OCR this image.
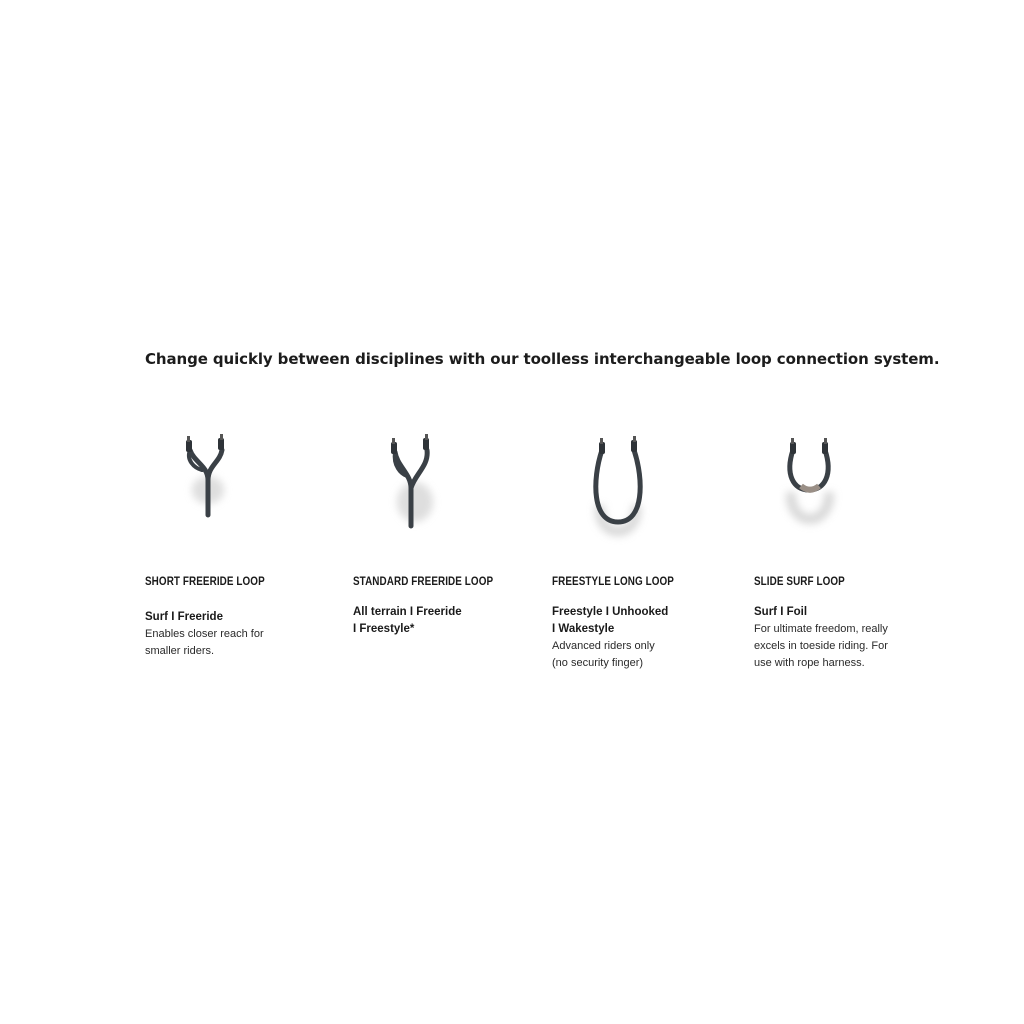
Change quickly between disciplines with our toolless interchangeable loop connection system.

SHORT FREERIDE LOOP

Surf I Freeride

Enables closer reach for smaller riders.

STANDARD FREERIDE LOOP

All terrain I Freeride I Freestyle*

FREESTYLE LONG LOOP

Freestyle I Unhooked I Wakestyle

Advanced riders only (no security finger)

SLIDE SURF LOOP

Surf I Foil

For ultimate freedom, really excels in toeside riding. For use with rope harness.
